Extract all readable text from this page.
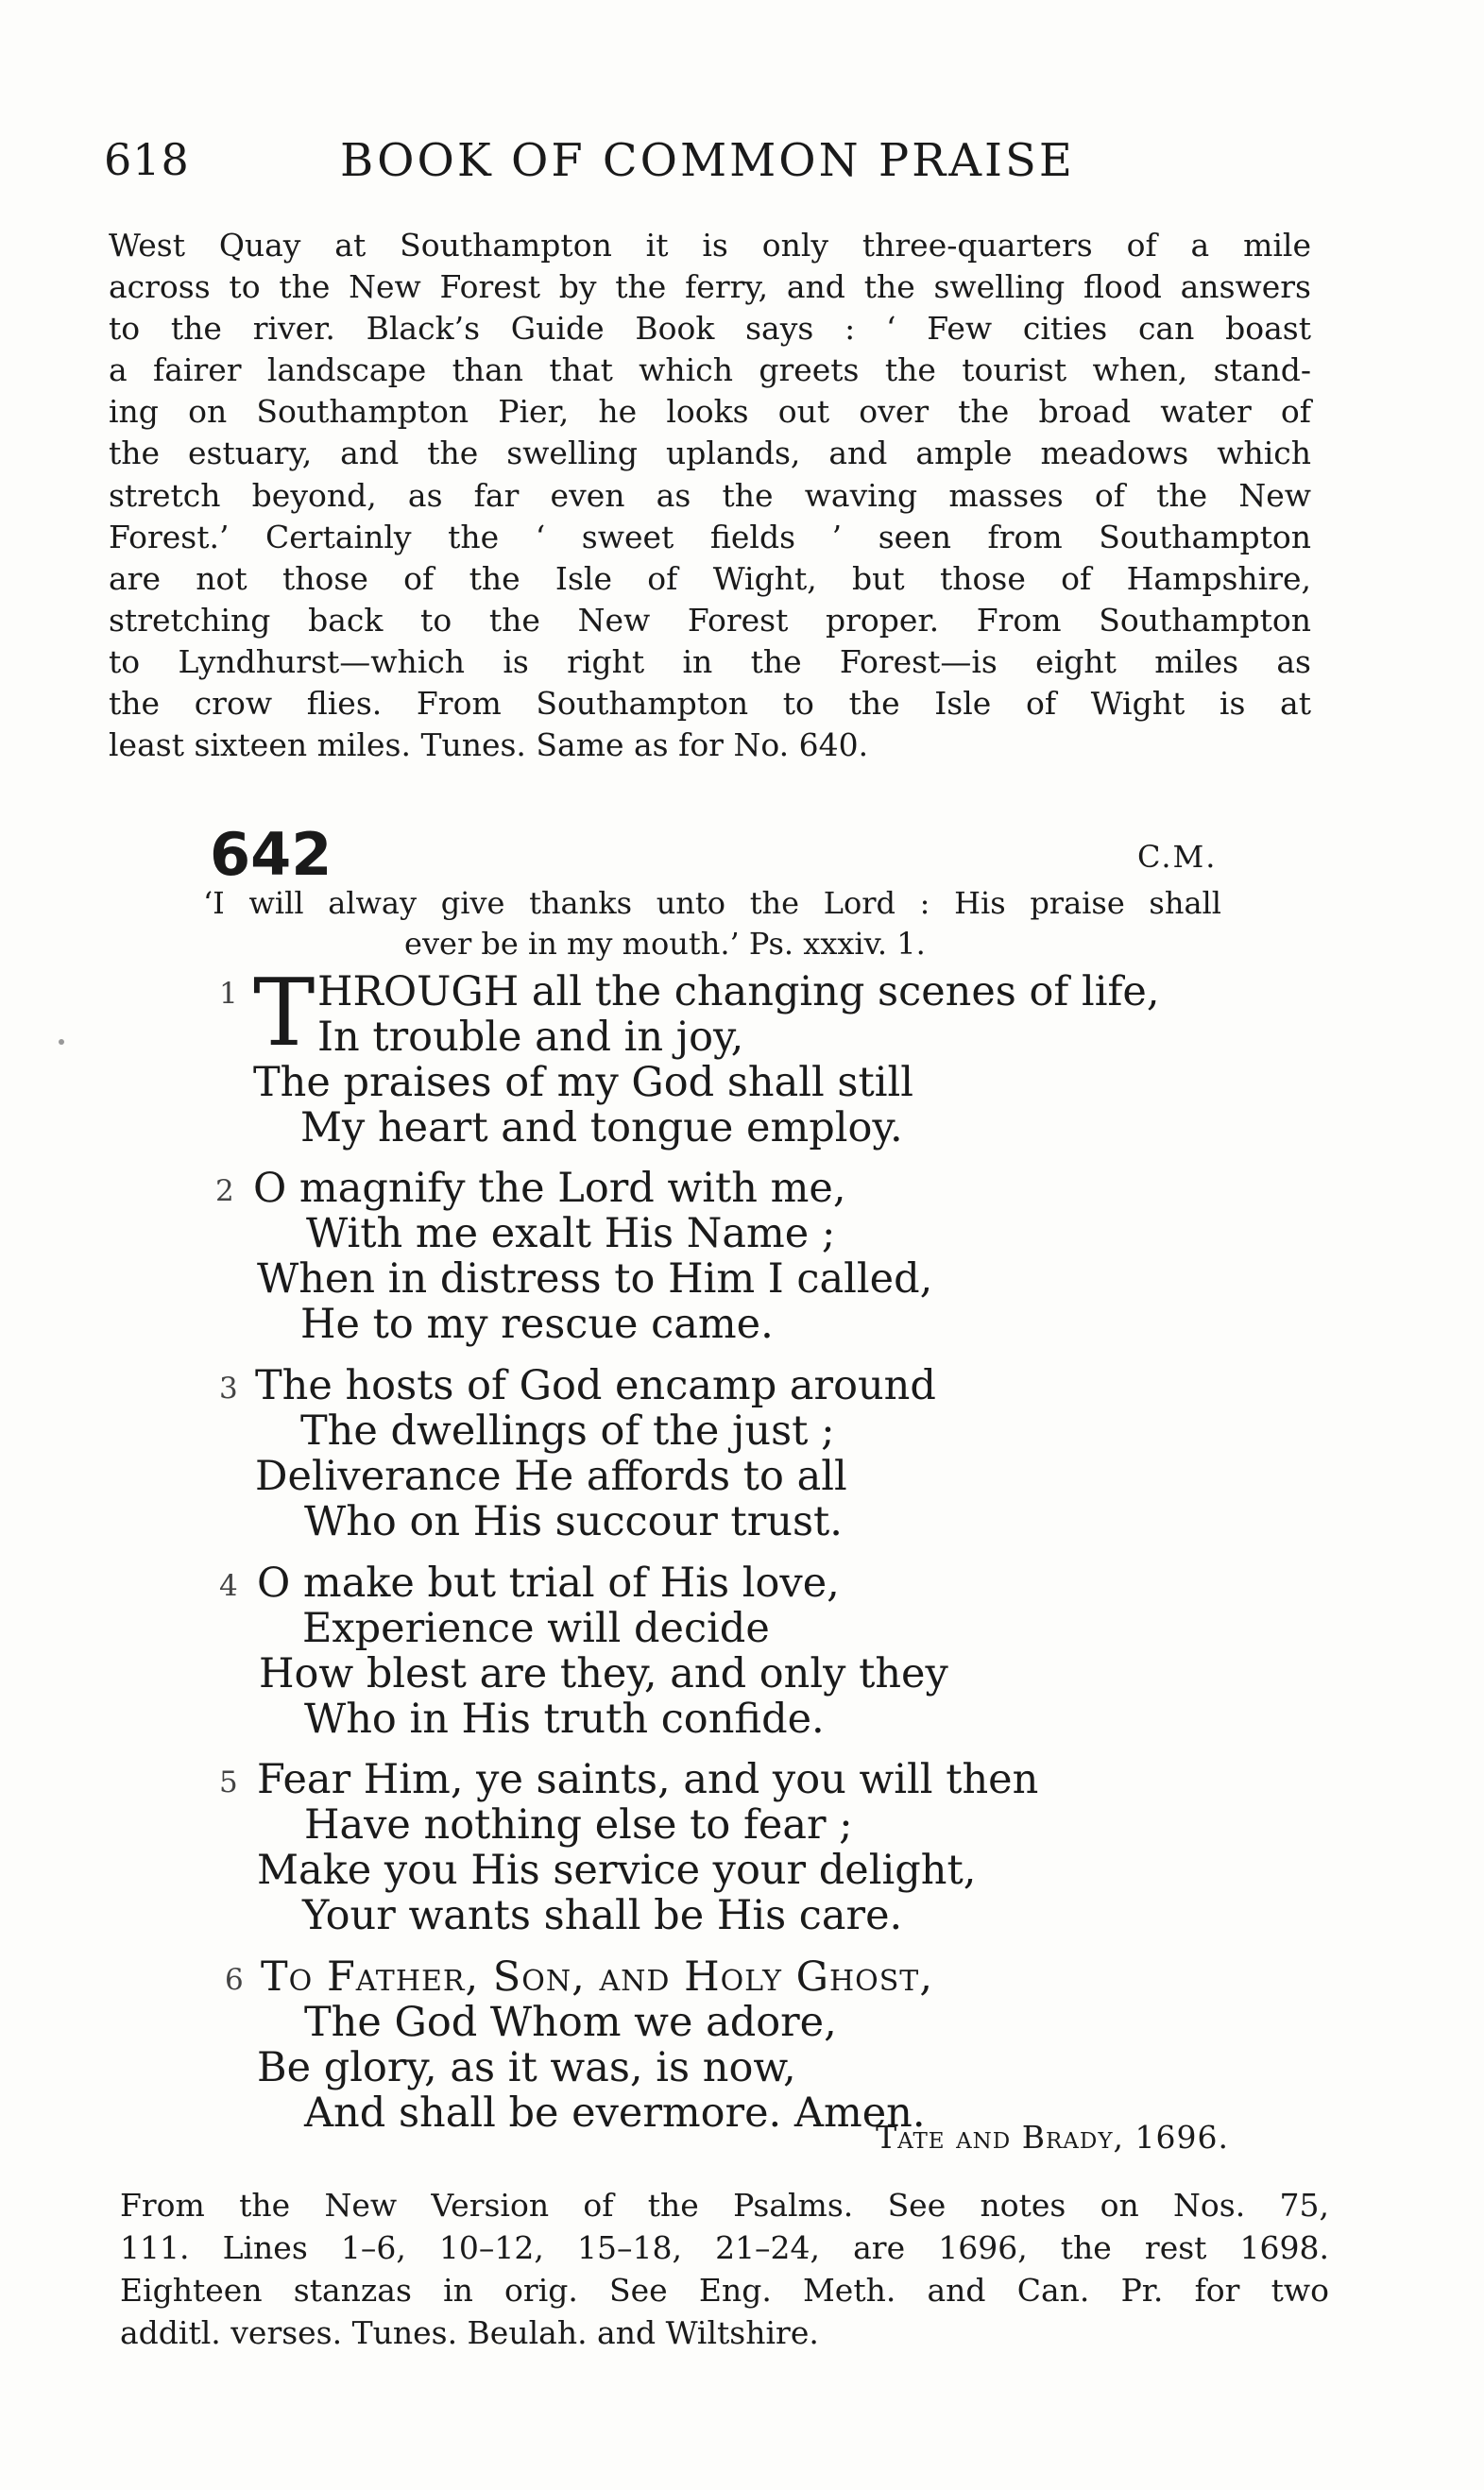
618	BOOK OF COMMON PRAISE
West Quay at Southampton it is only three-quarters of a mile
across to the New Forest by the ferry, and the swelling flood answers
to the river. Black’s Guide Book says : ‘ Few cities can boast
a fairer landscape than that which greets the tourist when, stand-
ing on Southampton Pier, he looks out over the broad water of
the estuary, and the swelling uplands, and ample meadows which
stretch beyond, as far even as the waving masses of the New
Forest.’ Certainly the ‘ sweet fields ’ seen from Southampton
are not those of the Isle of Wight, but those of Hampshire,
stretching back to the New Forest proper. From Southampton
to Lyndhurst—which is right in the Forest—is eight miles as
the crow flies. From Southampton to the Isle of Wight is at
least sixteen miles. Tunes. Same as for No. 640.
642	C.M.
‘I will alway give thanks unto the Lord : His praise shall
ever be in my mouth.’ Ps. xxxiv. 1.
T
1 HROUGH all the changing scenes of life,
In trouble and in joy,
The praises of my God shall still
My heart and tongue employ.
2 O magnify the Lord with me,
With me exalt His Name ;
When in distress to Him I called,
He to my rescue came.
3 The hosts of God encamp around
The dwellings of the just ;
Deliverance He affords to all
Who on His succour trust.
4 O make but trial of His love,
Experience will decide
How blest are they, and only they
Who in His truth confide.
5 Fear Him, ye saints, and you will then
Have nothing else to fear ;
Make you His service your delight,
Your wants shall be His care.
6 To Father, Son, and Holy Ghost,
The God Whom we adore,
Be glory, as it was, is now,
And shall be evermore. Amen.
Tate and Brady, 1696.
From the New Version of the Psalms. See notes on Nos. 75,
111. Lines 1–6, 10–12, 15–18, 21–24, are 1696, the rest 1698.
Eighteen stanzas in orig. See Eng. Meth. and Can. Pr. for two
additl. verses. Tunes. Beulah. and Wiltshire.
